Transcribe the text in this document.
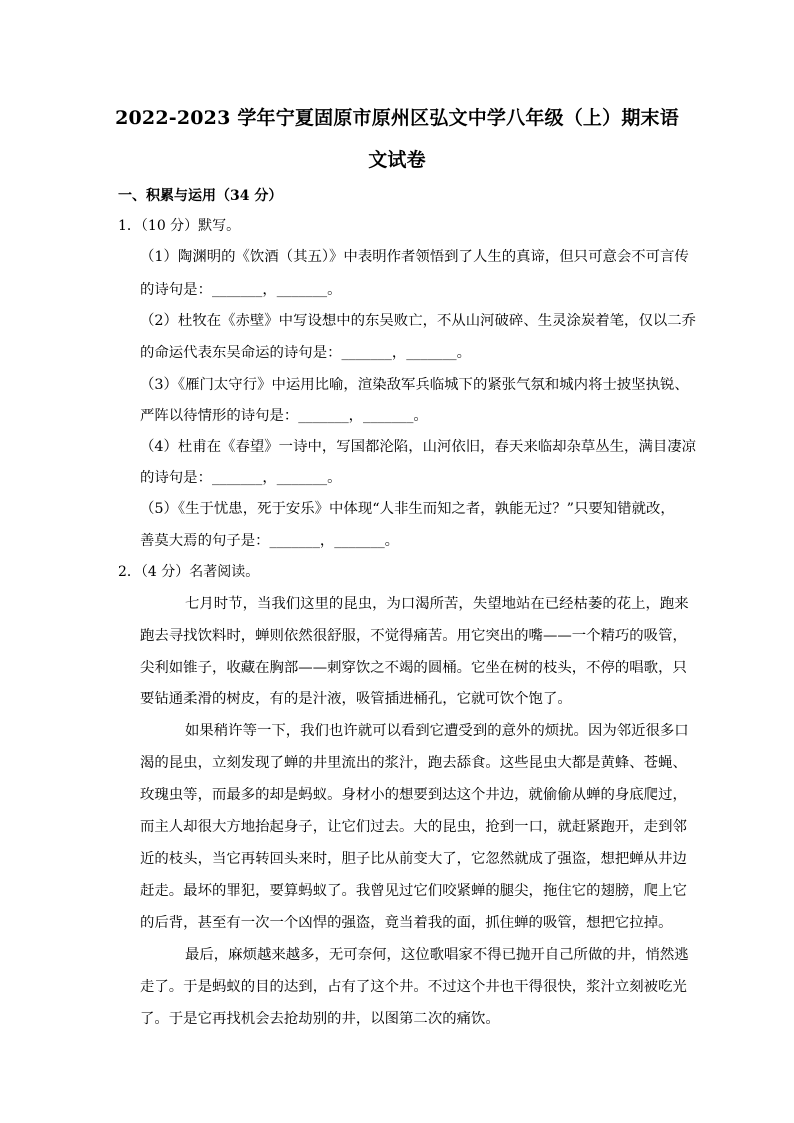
2022-2023 学年宁夏固原市原州区弘文中学八年级（上）期末语
文试卷
一、积累与运用（34 分）
1．（10 分）默写。
（1）陶渊明的《饮酒（其五）》中表明作者领悟到了人生的真谛，但只可意会不可言传
的诗句是：_______，_______。
（2）杜牧在《赤壁》中写设想中的东吴败亡，不从山河破碎、生灵涂炭着笔，仅以二乔
的命运代表东吴命运的诗句是：_______，_______。
（3）《雁门太守行》中运用比喻，渲染敌军兵临城下的紧张气氛和城内将士披坚执锐、
严阵以待情形的诗句是：_______，_______。
（4）杜甫在《春望》一诗中，写国都沦陷，山河依旧，春天来临却杂草丛生，满目凄凉
的诗句是：_______，_______。
（5）《生于忧患，死于安乐》中体现“人非生而知之者，孰能无过？”只要知错就改，
善莫大焉的句子是：_______，_______。
2．（4 分）名著阅读。
七月时节，当我们这里的昆虫，为口渴所苦，失望地站在已经枯萎的花上，跑来
跑去寻找饮料时，蝉则依然很舒服，不觉得痛苦。用它突出的嘴——一个精巧的吸管，
尖利如锥子，收藏在胸部——刺穿饮之不竭的圆桶。它坐在树的枝头，不停的唱歌，只
要钻通柔滑的树皮，有的是汁液，吸管插进桶孔，它就可饮个饱了。
如果稍许等一下，我们也许就可以看到它遭受到的意外的烦扰。因为邻近很多口
渴的昆虫，立刻发现了蝉的井里流出的浆汁，跑去舔食。这些昆虫大都是黄蜂、苍蝇、
玫瑰虫等，而最多的却是蚂蚁。身材小的想要到达这个井边，就偷偷从蝉的身底爬过，
而主人却很大方地抬起身子，让它们过去。大的昆虫，抢到一口，就赶紧跑开，走到邻
近的枝头，当它再转回头来时，胆子比从前变大了，它忽然就成了强盗，想把蝉从井边
赶走。最坏的罪犯，要算蚂蚁了。我曾见过它们咬紧蝉的腿尖，拖住它的翅膀，爬上它
的后背，甚至有一次一个凶悍的强盗，竟当着我的面，抓住蝉的吸管，想把它拉掉。
最后，麻烦越来越多，无可奈何，这位歌唱家不得已抛开自己所做的井，悄然逃
走了。于是蚂蚁的目的达到，占有了这个井。不过这个井也干得很快，浆汁立刻被吃光
了。于是它再找机会去抢劫别的井，以图第二次的痛饮。
